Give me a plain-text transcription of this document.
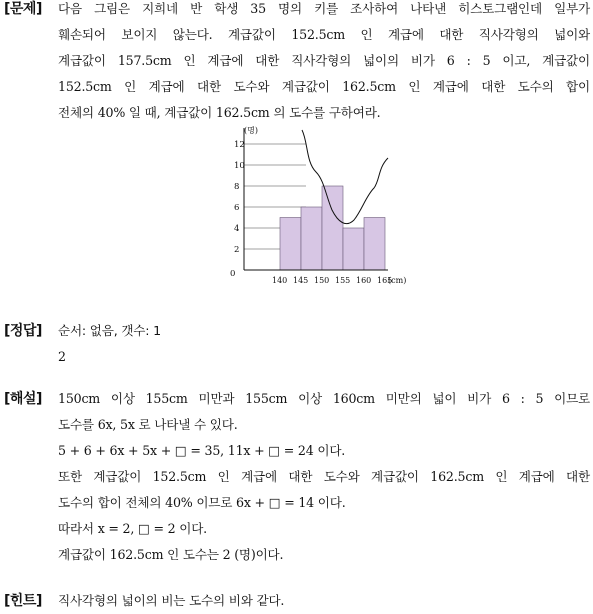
[문제] 다음 그림은 지희네 반 학생 35 명의 키를 조사하여 나타낸 히스토그램인데 일부가
훼손되어 보이지 않는다. 계급값이 152.5cm 인 계급에 대한 직사각형의 넓이와
계급값이 157.5cm 인 계급에 대한 직사각형의 넓이의 비가 6 : 5 이고, 계급값이
152.5cm 인 계급에 대한 도수와 계급값이 162.5cm 인 계급에 대한 도수의 합이
전체의 40% 일 때, 계급값이 162.5cm 의 도수를 구하여라.
2
4
6
8
10
12
0
(명)
140 145 150 155 160 165
(cm)
[정답] 순서: 없음, 갯수: 1
2
[해설] 150cm 이상 155cm 미만과 155cm 이상 160cm 미만의 넓이 비가 6 : 5 이므로
도수를 6x, 5x 로 나타낼 수 있다.
5 + 6 + 6x + 5x + □ = 35, 11x + □ = 24 이다.
또한 계급값이 152.5cm 인 계급에 대한 도수와 계급값이 162.5cm 인 계급에 대한
도수의 합이 전체의 40% 이므로 6x + □ = 14 이다.
따라서 x = 2, □ = 2 이다.
계급값이 162.5cm 인 도수는 2 (명)이다.
[힌트] 직사각형의 넓이의 비는 도수의 비와 같다.
